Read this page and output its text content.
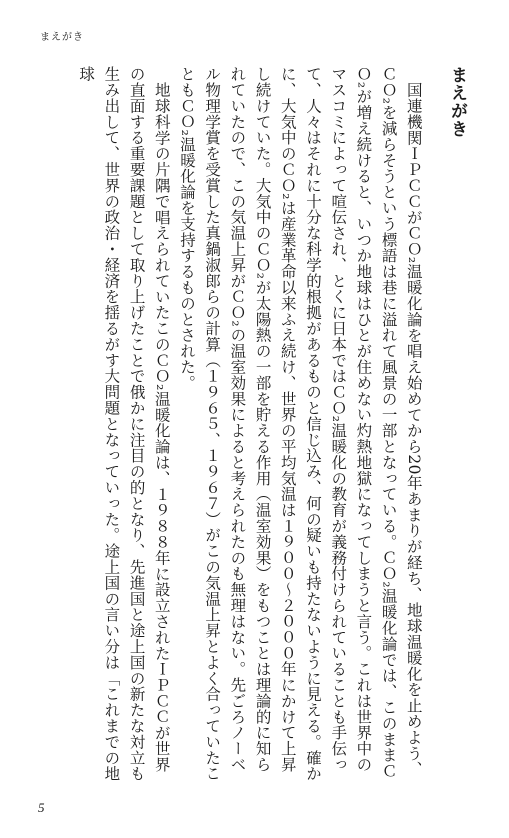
まえがき
まえがき

国連機関ＩＰＣＣがＣＯ₂温暖化論を唱え始めてから20年あまりが経ち、地球温暖化を止めよう、ＣＯ₂を減らそうという標語は巷に溢れて風景の一部となっている。ＣＯ₂温暖化論では、このままＣＯ₂が増え続けると、いつか地球はひとが住めない灼熱地獄になってしまうと言う。これは世界中のマスコミによって喧伝され、とくに日本ではＣＯ₂温暖化の教育が義務付けられていることも手伝って、人々はそれに十分な科学的根拠があるものと信じ込み、何の疑いも持たないように見える。確かに、大気中のＣＯ₂は産業革命以来ふえ続け、世界の平均気温は１９００～２０００年にかけて上昇し続けていた。大気中のＣＯ₂が太陽熱の一部を貯える作用（温室効果）をもつことは理論的に知られていたので、この気温上昇がＣＯ₂の温室効果によると考えられたのも無理はない。先ごろノーベル物理学賞を受賞した真鍋淑郎らの計算（１９６５、１９６７）がこの気温上昇とよく合っていたこともＣＯ₂温暖化論を支持するものとされた。

地球科学の片隅で唱えられていたこのＣＯ₂温暖化論は、１９８８年に設立されたＩＰＣＣが世界の直面する重要課題として取り上げたことで俄かに注目の的となり、先進国と途上国の新たな対立も生み出して、世界の政治・経済を揺るがす大問題となっていった。途上国の言い分は「これまでの地球

5
